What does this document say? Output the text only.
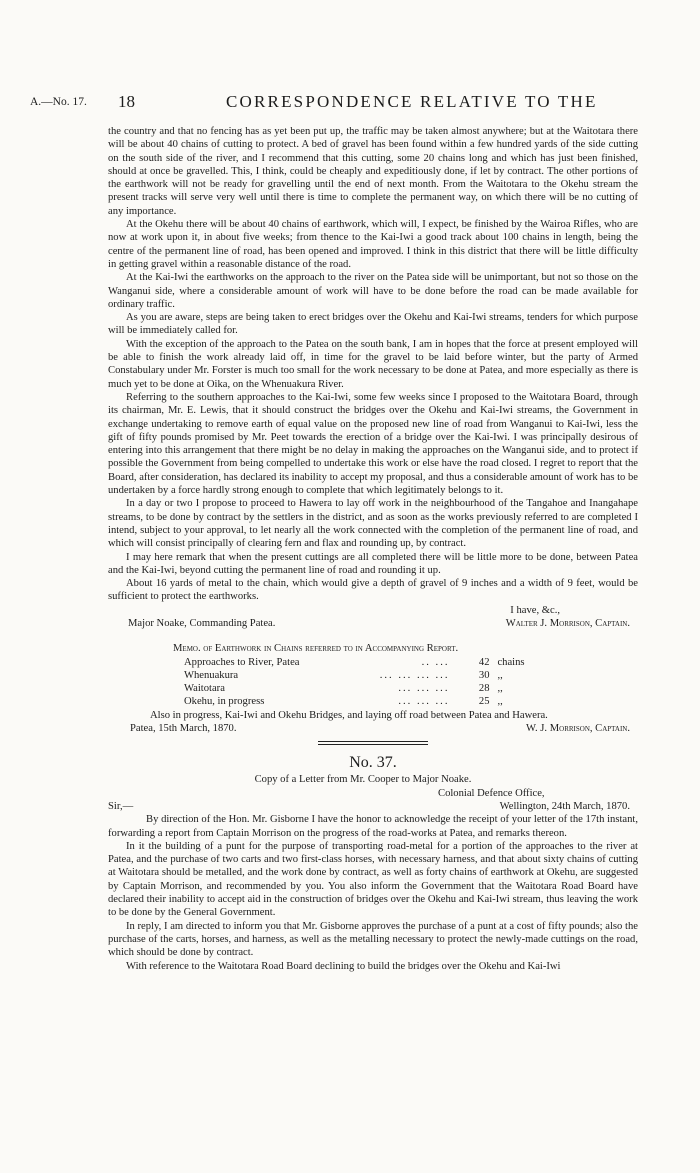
A.—No. 17. 18	CORRESPONDENCE RELATIVE TO THE

the country and that no fencing has as yet been put up, the traffic may be taken almost anywhere; but at the Waitotara there will be about 40 chains of cutting to protect. A bed of gravel has been found within a few hundred yards of the side cutting on the south side of the river, and I recommend that this cutting, some 20 chains long and which has just been finished, should at once be gravelled. This, I think, could be cheaply and expeditiously done, if let by contract. The other portions of the earthwork will not be ready for gravelling until the end of next month. From the Waitotara to the Okehu stream the present tracks will serve very well until there is time to complete the permanent way, on which there will be no cutting of any importance.

At the Okehu there will be about 40 chains of earthwork, which will, I expect, be finished by the Wairoa Rifles, who are now at work upon it, in about five weeks; from thence to the Kai-Iwi a good track about 100 chains in length, being the centre of the permanent line of road, has been opened and improved. I think in this district that there will be little difficulty in getting gravel within a reasonable distance of the road.

At the Kai-Iwi the earthworks on the approach to the river on the Patea side will be unimportant, but not so those on the Wanganui side, where a considerable amount of work will have to be done before the road can be made available for ordinary traffic.

As you are aware, steps are being taken to erect bridges over the Okehu and Kai-Iwi streams, tenders for which purpose will be immediately called for.

With the exception of the approach to the Patea on the south bank, I am in hopes that the force at present employed will be able to finish the work already laid off, in time for the gravel to be laid before winter, but the party of Armed Constabulary under Mr. Forster is much too small for the work necessary to be done at Patea, and more especially as there is much yet to be done at Oika, on the Whenuakura River.

Referring to the southern approaches to the Kai-Iwi, some few weeks since I proposed to the Waitotara Board, through its chairman, Mr. E. Lewis, that it should construct the bridges over the Okehu and Kai-Iwi streams, the Government in exchange undertaking to remove earth of equal value on the proposed new line of road from Wanganui to Kai-Iwi, less the gift of fifty pounds promised by Mr. Peet towards the erection of a bridge over the Kai-Iwi. I was principally desirous of entering into this arrangement that there might be no delay in making the approaches on the Wanganui side, and to protect if possible the Government from being compelled to undertake this work or else have the road closed. I regret to report that the Board, after consideration, has declared its inability to accept my proposal, and thus a considerable amount of work has to be undertaken by a force hardly strong enough to complete that which legitimately belongs to it.

In a day or two I propose to proceed to Hawera to lay off work in the neighbourhood of the Tangahoe and Inangahape streams, to be done by contract by the settlers in the district, and as soon as the works previously referred to are completed I intend, subject to your approval, to let nearly all the work connected with the completion of the permanent line of road, and which will consist principally of clearing fern and flax and rounding up, by contract.

I may here remark that when the present cuttings are all completed there will be little more to be done, between Patea and the Kai-Iwi, beyond cutting the permanent line of road and rounding it up.

About 16 yards of metal to the chain, which would give a depth of gravel of 9 inches and a width of 9 feet, would be sufficient to protect the earthworks.

I have, &c.,

Major Noake, Commanding Patea.	Walter J. Morrison, Captain.

Memo. of Earthwork in Chains referred to in Accompanying Report.

Approaches to River, Patea	.. ...	42	chains
Whenuakura	... ... ... ...	30	,,
Waitotara	... ... ...	28	,,
Okehu, in progress	... ... ...	25	,,

Also in progress, Kai-Iwi and Okehu Bridges, and laying off road between Patea and Hawera.

Patea, 15th March, 1870.	W. J. Morrison, Captain.

No. 37.

Copy of a Letter from Mr. Cooper to Major Noake.

Colonial Defence Office,

Sir,—	Wellington, 24th March, 1870.

By direction of the Hon. Mr. Gisborne I have the honor to acknowledge the receipt of your letter of the 17th instant, forwarding a report from Captain Morrison on the progress of the road-works at Patea, and remarks thereon.

In it the building of a punt for the purpose of transporting road-metal for a portion of the approaches to the river at Patea, and the purchase of two carts and two first-class horses, with necessary harness, and that about sixty chains of cutting at Waitotara should be metalled, and the work done by contract, as well as forty chains of earthwork at Okehu, are suggested by Captain Morrison, and recommended by you. You also inform the Government that the Waitotara Road Board have declared their inability to accept aid in the construction of bridges over the Okehu and Kai-Iwi stream, thus leaving the work to be done by the General Government.

In reply, I am directed to inform you that Mr. Gisborne approves the purchase of a punt at a cost of fifty pounds; also the purchase of the carts, horses, and harness, as well as the metalling necessary to protect the newly-made cuttings on the road, which should be done by contract.

With reference to the Waitotara Road Board declining to build the bridges over the Okehu and Kai-Iwi
